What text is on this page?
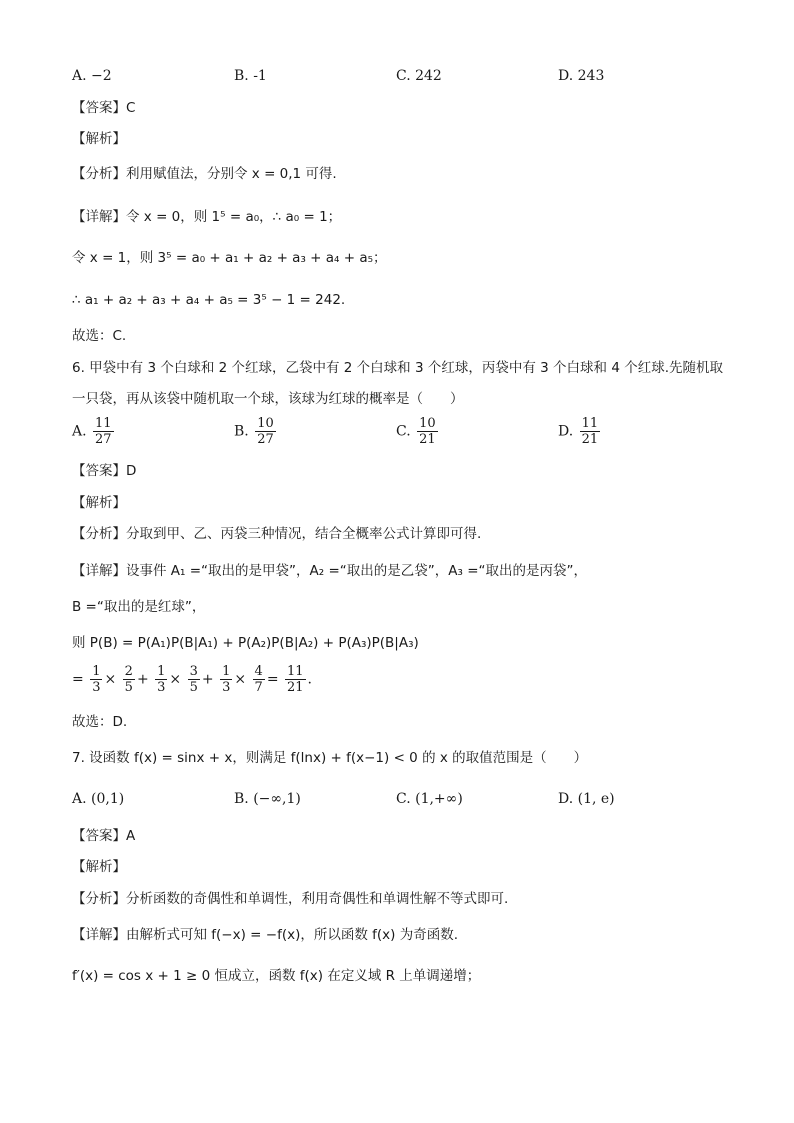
A. −2	B. -1	C. 242	D. 243
【答案】C
【解析】
【分析】利用赋值法，分别令 x = 0,1 可得.
【详解】令 x = 0，则 1⁵ = a₀，∴ a₀ = 1；
令 x = 1，则 3⁵ = a₀ + a₁ + a₂ + a₃ + a₄ + a₅；
∴ a₁ + a₂ + a₃ + a₄ + a₅ = 3⁵ − 1 = 242.
故选：C.
6. 甲袋中有 3 个白球和 2 个红球，乙袋中有 2 个白球和 3 个红球，丙袋中有 3 个白球和 4 个红球.先随机取
一只袋，再从该袋中随机取一个球，该球为红球的概率是（　　）
A. $\frac{11}{27}$	B. $\frac{10}{27}$	C. $\frac{10}{21}$	D. $\frac{11}{21}$
【答案】D
【解析】
【分析】分取到甲、乙、丙袋三种情况，结合全概率公式计算即可得.
【详解】设事件 A₁ =“取出的是甲袋”，A₂ =“取出的是乙袋”，A₃ =“取出的是丙袋”，
B =“取出的是红球”，
则 P(B) = P(A₁)P(B|A₁) + P(A₂)P(B|A₂) + P(A₃)P(B|A₃)
= $\frac{1}{3} \times \frac{2}{5} + \frac{1}{3} \times \frac{3}{5} + \frac{1}{3} \times \frac{4}{7} = \frac{11}{21}$ .
故选：D.
7. 设函数 f(x) = sinx + x，则满足 f(lnx) + f(x−1) < 0 的 x 的取值范围是（　　）
A. (0,1)	B. (−∞,1)	C. (1,+∞)	D. (1, e)
【答案】A
【解析】
【分析】分析函数的奇偶性和单调性，利用奇偶性和单调性解不等式即可.
【详解】由解析式可知 f(−x) = −f(x)，所以函数 f(x) 为奇函数.
f′(x) = cos x + 1 ≥ 0 恒成立，函数 f(x) 在定义域 R 上单调递增；
